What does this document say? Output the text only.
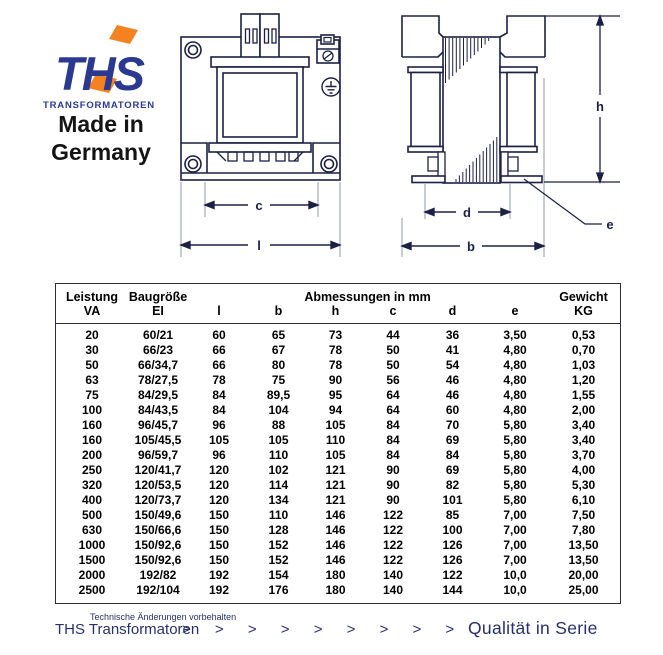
THS
TRANSFORMATOREN
Made in
Germany
c
l
h
d
b
e
Leistung	Baugröße	Abmessungen in mm						Gewicht
VA	EI	l	b	h	c	d	e	KG
20	60/21	60	65	73	44	36	3,50	0,53
30	66/23	66	67	78	50	41	4,80	0,70
50	66/34,7	66	80	78	50	54	4,80	1,03
63	78/27,5	78	75	90	56	46	4,80	1,20
75	84/29,5	84	89,5	95	64	46	4,80	1,55
100	84/43,5	84	104	94	64	60	4,80	2,00
160	96/45,7	96	88	105	84	70	5,80	3,40
160	105/45,5	105	105	110	84	69	5,80	3,40
200	96/59,7	96	110	105	84	84	5,80	3,70
250	120/41,7	120	102	121	90	69	5,80	4,00
320	120/53,5	120	114	121	90	82	5,80	5,30
400	120/73,7	120	134	121	90	101	5,80	6,10
500	150/49,6	150	110	146	122	85	7,00	7,50
630	150/66,6	150	128	146	122	100	7,00	7,80
1000	150/92,6	150	152	146	122	126	7,00	13,50
1500	150/92,6	150	152	146	122	126	7,00	13,50
2000	192/82	192	154	180	140	122	10,0	20,00
2500	192/104	192	176	180	140	144	10,0	25,00
Technische Änderungen vorbehalten
THS Transformatoren
> > > > > > > > > Qualität in Serie
